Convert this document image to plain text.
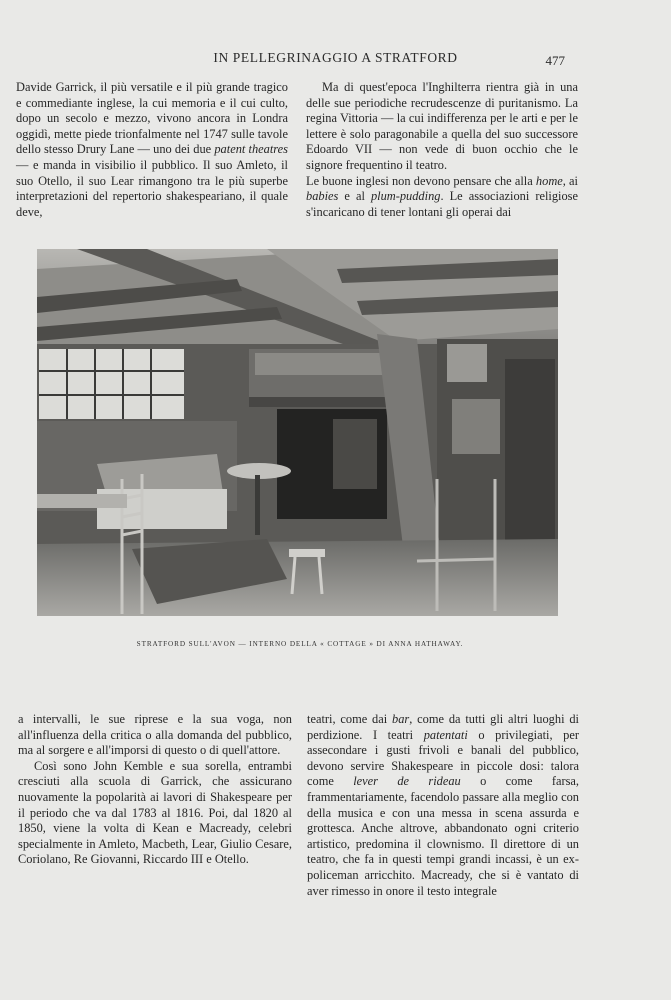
IN PELLEGRINAGGIO A STRATFORD	477

Davide Garrick, il più versatile e il più grande tragico e commediante inglese, la cui memoria e il cui culto, dopo un secolo e mezzo, vivono ancora in Londra oggidì, mette piede trionfalmente nel 1747 sulle tavole dello stesso Drury Lane — uno dei due patent theatres — e manda in visibilio il pubblico. Il suo Amleto, il suo Otello, il suo Lear rimangono tra le più superbe interpretazioni del repertorio shakespeariano, il quale deve,

Ma di quest'epoca l'Inghilterra rientra già in una delle sue periodiche recrudescenze di puritanismo. La regina Vittoria — la cui indifferenza per le arti e per le lettere è solo paragonabile a quella del suo successore Edoardo VII — non vede di buon occhio che le signore frequentino il teatro.

Le buone inglesi non devono pensare che alla home, ai babies e al plum-pudding. Le associazioni religiose s'incaricano di tener lontani gli operai dai

STRATFORD SULL'AVON — INTERNO DELLA « COTTAGE » DI ANNA HATHAWAY.

a intervalli, le sue riprese e la sua voga, non all'influenza della critica o alla domanda del pubblico, ma al sorgere e all'imporsi di questo o di quell'attore.

Così sono John Kemble e sua sorella, entrambi cresciuti alla scuola di Garrick, che assicurano nuovamente la popolarità ai lavori di Shakespeare per il periodo che va dal 1783 al 1816. Poi, dal 1820 al 1850, viene la volta di Kean e Macready, celebri specialmente in Amleto, Macbeth, Lear, Giulio Cesare, Coriolano, Re Giovanni, Riccardo III e Otello.

teatri, come dai bar, come da tutti gli altri luoghi di perdizione. I teatri patentati o privilegiati, per assecondare i gusti frivoli e banali del pubblico, devono servire Shakespeare in piccole dosi: talora come lever de rideau o come farsa, frammentariamente, facendolo passare alla meglio con della musica e con una messa in scena assurda e grottesca. Anche altrove, abbandonato ogni criterio artistico, predomina il clownismo. Il direttore di un teatro, che fa in questi tempi grandi incassi, è un ex-policeman arricchito. Macready, che si è vantato di aver rimesso in onore il testo integrale
